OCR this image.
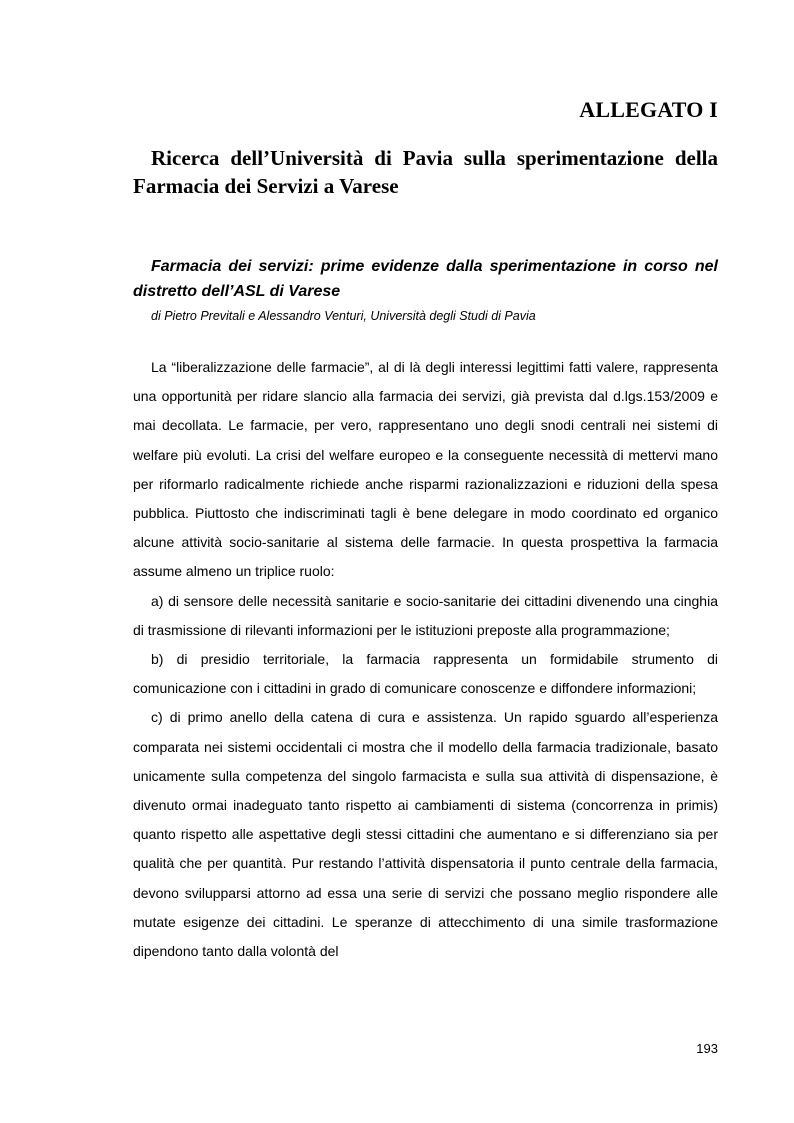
ALLEGATO I
Ricerca dell’Università di Pavia sulla sperimentazione della Farmacia dei Servizi a Varese
Farmacia dei servizi: prime evidenze dalla sperimentazione in corso nel distretto dell’ASL di Varese
di Pietro Previtali e Alessandro Venturi, Università degli Studi di Pavia

La “liberalizzazione delle farmacie”, al di là degli interessi legittimi fatti valere, rappresenta una opportunità per ridare slancio alla farmacia dei servizi, già prevista dal d.lgs.153/2009 e mai decollata. Le farmacie, per vero, rappresentano uno degli snodi centrali nei sistemi di welfare più evoluti. La crisi del welfare europeo e la conseguente necessità di mettervi mano per riformarlo radicalmente richiede anche risparmi razionalizzazioni e riduzioni della spesa pubblica. Piuttosto che indiscriminati tagli è bene delegare in modo coordinato ed organico alcune attività socio-sanitarie al sistema delle farmacie. In questa prospettiva la farmacia assume almeno un triplice ruolo:

a) di sensore delle necessità sanitarie e socio-sanitarie dei cittadini divenendo una cinghia di trasmissione di rilevanti informazioni per le istituzioni preposte alla programmazione;

b) di presidio territoriale, la farmacia rappresenta un formidabile strumento di comunicazione con i cittadini in grado di comunicare conoscenze e diffondere informazioni;

c) di primo anello della catena di cura e assistenza. Un rapido sguardo all’esperienza comparata nei sistemi occidentali ci mostra che il modello della farmacia tradizionale, basato unicamente sulla competenza del singolo farmacista e sulla sua attività di dispensazione, è divenuto ormai inadeguato tanto rispetto ai cambiamenti di sistema (concorrenza in primis) quanto rispetto alle aspettative degli stessi cittadini che aumentano e si differenziano sia per qualità che per quantità. Pur restando l’attività dispensatoria il punto centrale della farmacia, devono svilupparsi attorno ad essa una serie di servizi che possano meglio rispondere alle mutate esigenze dei cittadini. Le speranze di attecchimento di una simile trasformazione dipendono tanto dalla volontà del

193
